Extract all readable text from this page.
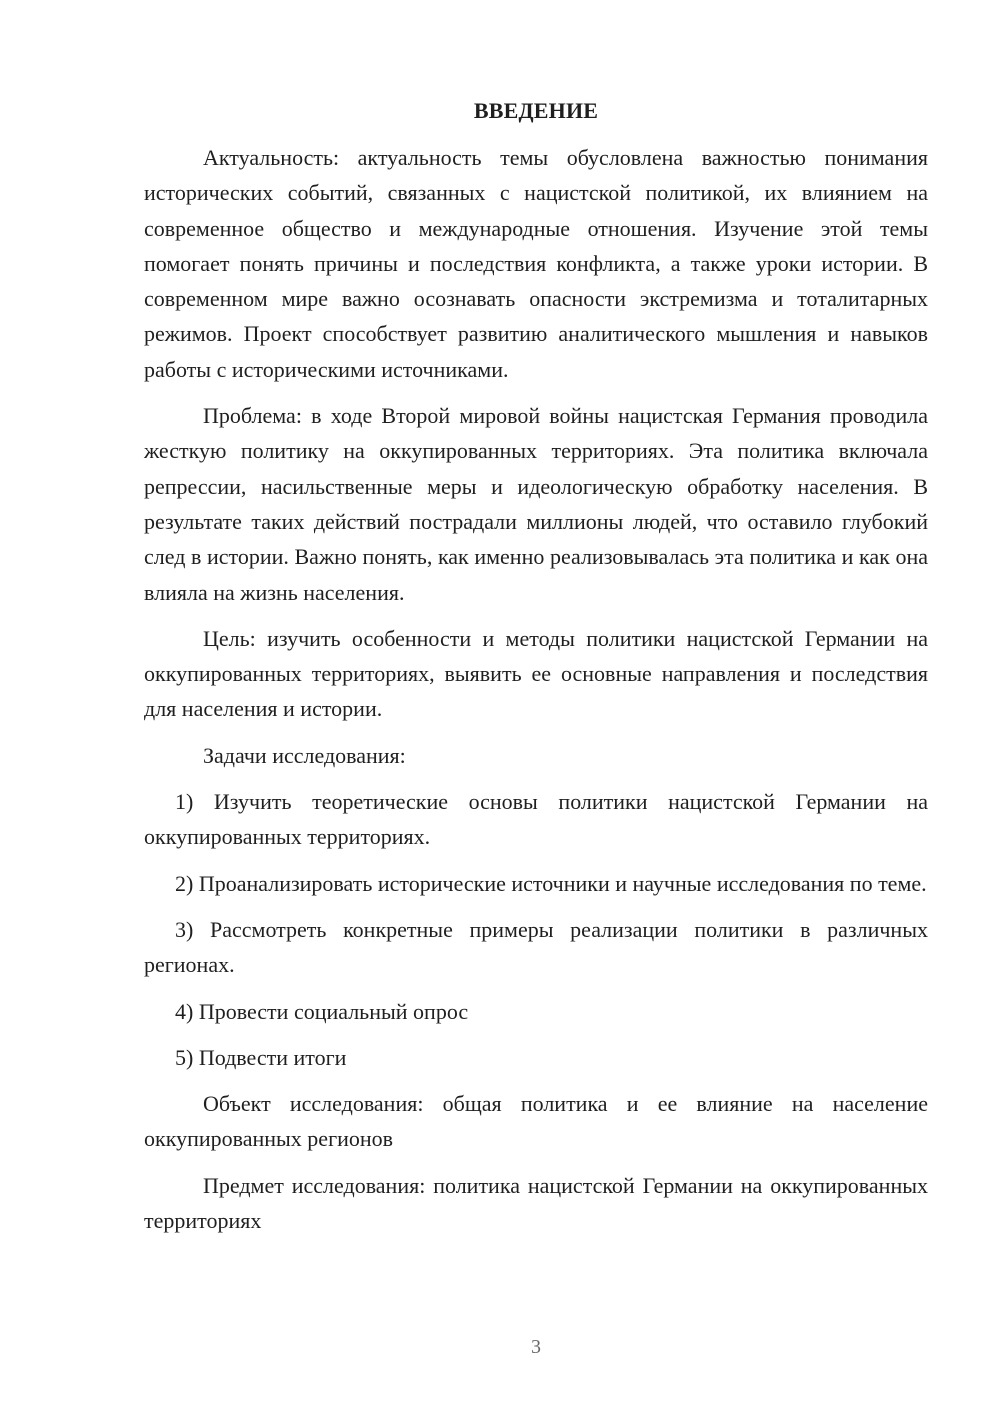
ВВЕДЕНИЕ

Актуальность: актуальность темы обусловлена важностью понимания исторических событий, связанных с нацистской политикой, их влиянием на современное общество и международные отношения. Изучение этой темы помогает понять причины и последствия конфликта, а также уроки истории. В современном мире важно осознавать опасности экстремизма и тоталитарных режимов. Проект способствует развитию аналитического мышления и навыков работы с историческими источниками.

Проблема: в ходе Второй мировой войны нацистская Германия проводила жесткую политику на оккупированных территориях. Эта политика включала репрессии, насильственные меры и идеологическую обработку населения. В результате таких действий пострадали миллионы людей, что оставило глубокий след в истории. Важно понять, как именно реализовывалась эта политика и как она влияла на жизнь населения.

Цель: изучить особенности и методы политики нацистской Германии на оккупированных территориях, выявить ее основные направления и последствия для населения и истории.

Задачи исследования:

1) Изучить теоретические основы политики нацистской Германии на оккупированных территориях.

2) Проанализировать исторические источники и научные исследования по теме.

3) Рассмотреть конкретные примеры реализации политики в различных регионах.

4) Провести социальный опрос

5) Подвести итоги

Объект исследования: общая политика и ее влияние на население оккупированных регионов

Предмет исследования: политика нацистской Германии на оккупированных территориях

3
